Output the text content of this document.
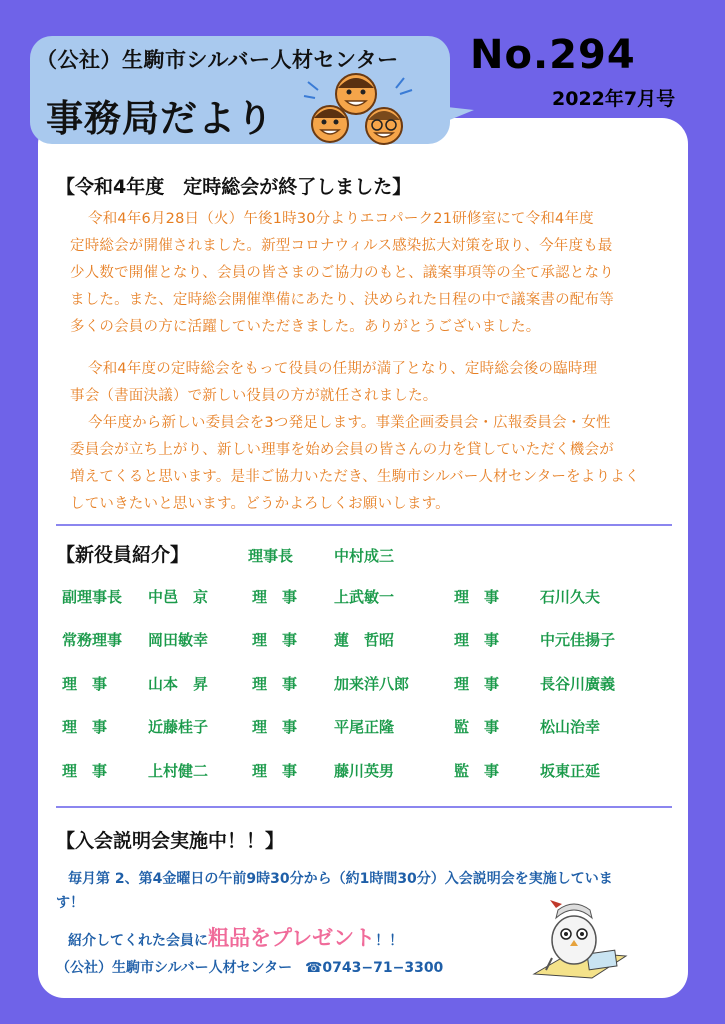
（公社）生駒市シルバー人材センター
事務局だより
No.294
2022年7月号
【令和4年度　定時総会が終了しました】

令和4年6月28日（火）午後1時30分よりエコパーク21研修室にて令和4年度
定時総会が開催されました。新型コロナウィルス感染拡大対策を取り、今年度も最
少人数で開催となり、会員の皆さまのご協力のもと、議案事項等の全て承認となり
ました。また、定時総会開催準備にあたり、決められた日程の中で議案書の配布等
多くの会員の方に活躍していただきました。ありがとうございました。

令和4年度の定時総会をもって役員の任期が満了となり、定時総会後の臨時理
事会（書面決議）で新しい役員の方が就任されました。
今年度から新しい委員会を3つ発足します。事業企画委員会・広報委員会・女性
委員会が立ち上がり、新しい理事を始め会員の皆さんの力を貸していただく機会が
増えてくると思います。是非ご協力いただき、生駒市シルバー人材センターをよりよく
していきたいと思います。どうかよろしくお願いします。

【新役員紹介】	理事長	中村成三
副理事長 中邑　京	理　事 上武敏一	理　事	石川久夫
常務理事 岡田敏幸	理　事 蓮　哲昭	理　事	中元佳揚子
理　事	山本　昇	理　事 加来洋八郎	理　事	長谷川廣義
理　事	近藤桂子	理　事 平尾正隆	監　事	松山治幸
理　事	上村健二	理　事 藤川英男	監　事	坂東正延
【入会説明会実施中！！】
毎月第 2、第4金曜日の午前9時30分から（約1時間30分）入会説明会を実施していま
す！
紹介してくれた会員に粗品をプレゼント！！
（公社）生駒市シルバー人材センター ☎0743−71−3300
